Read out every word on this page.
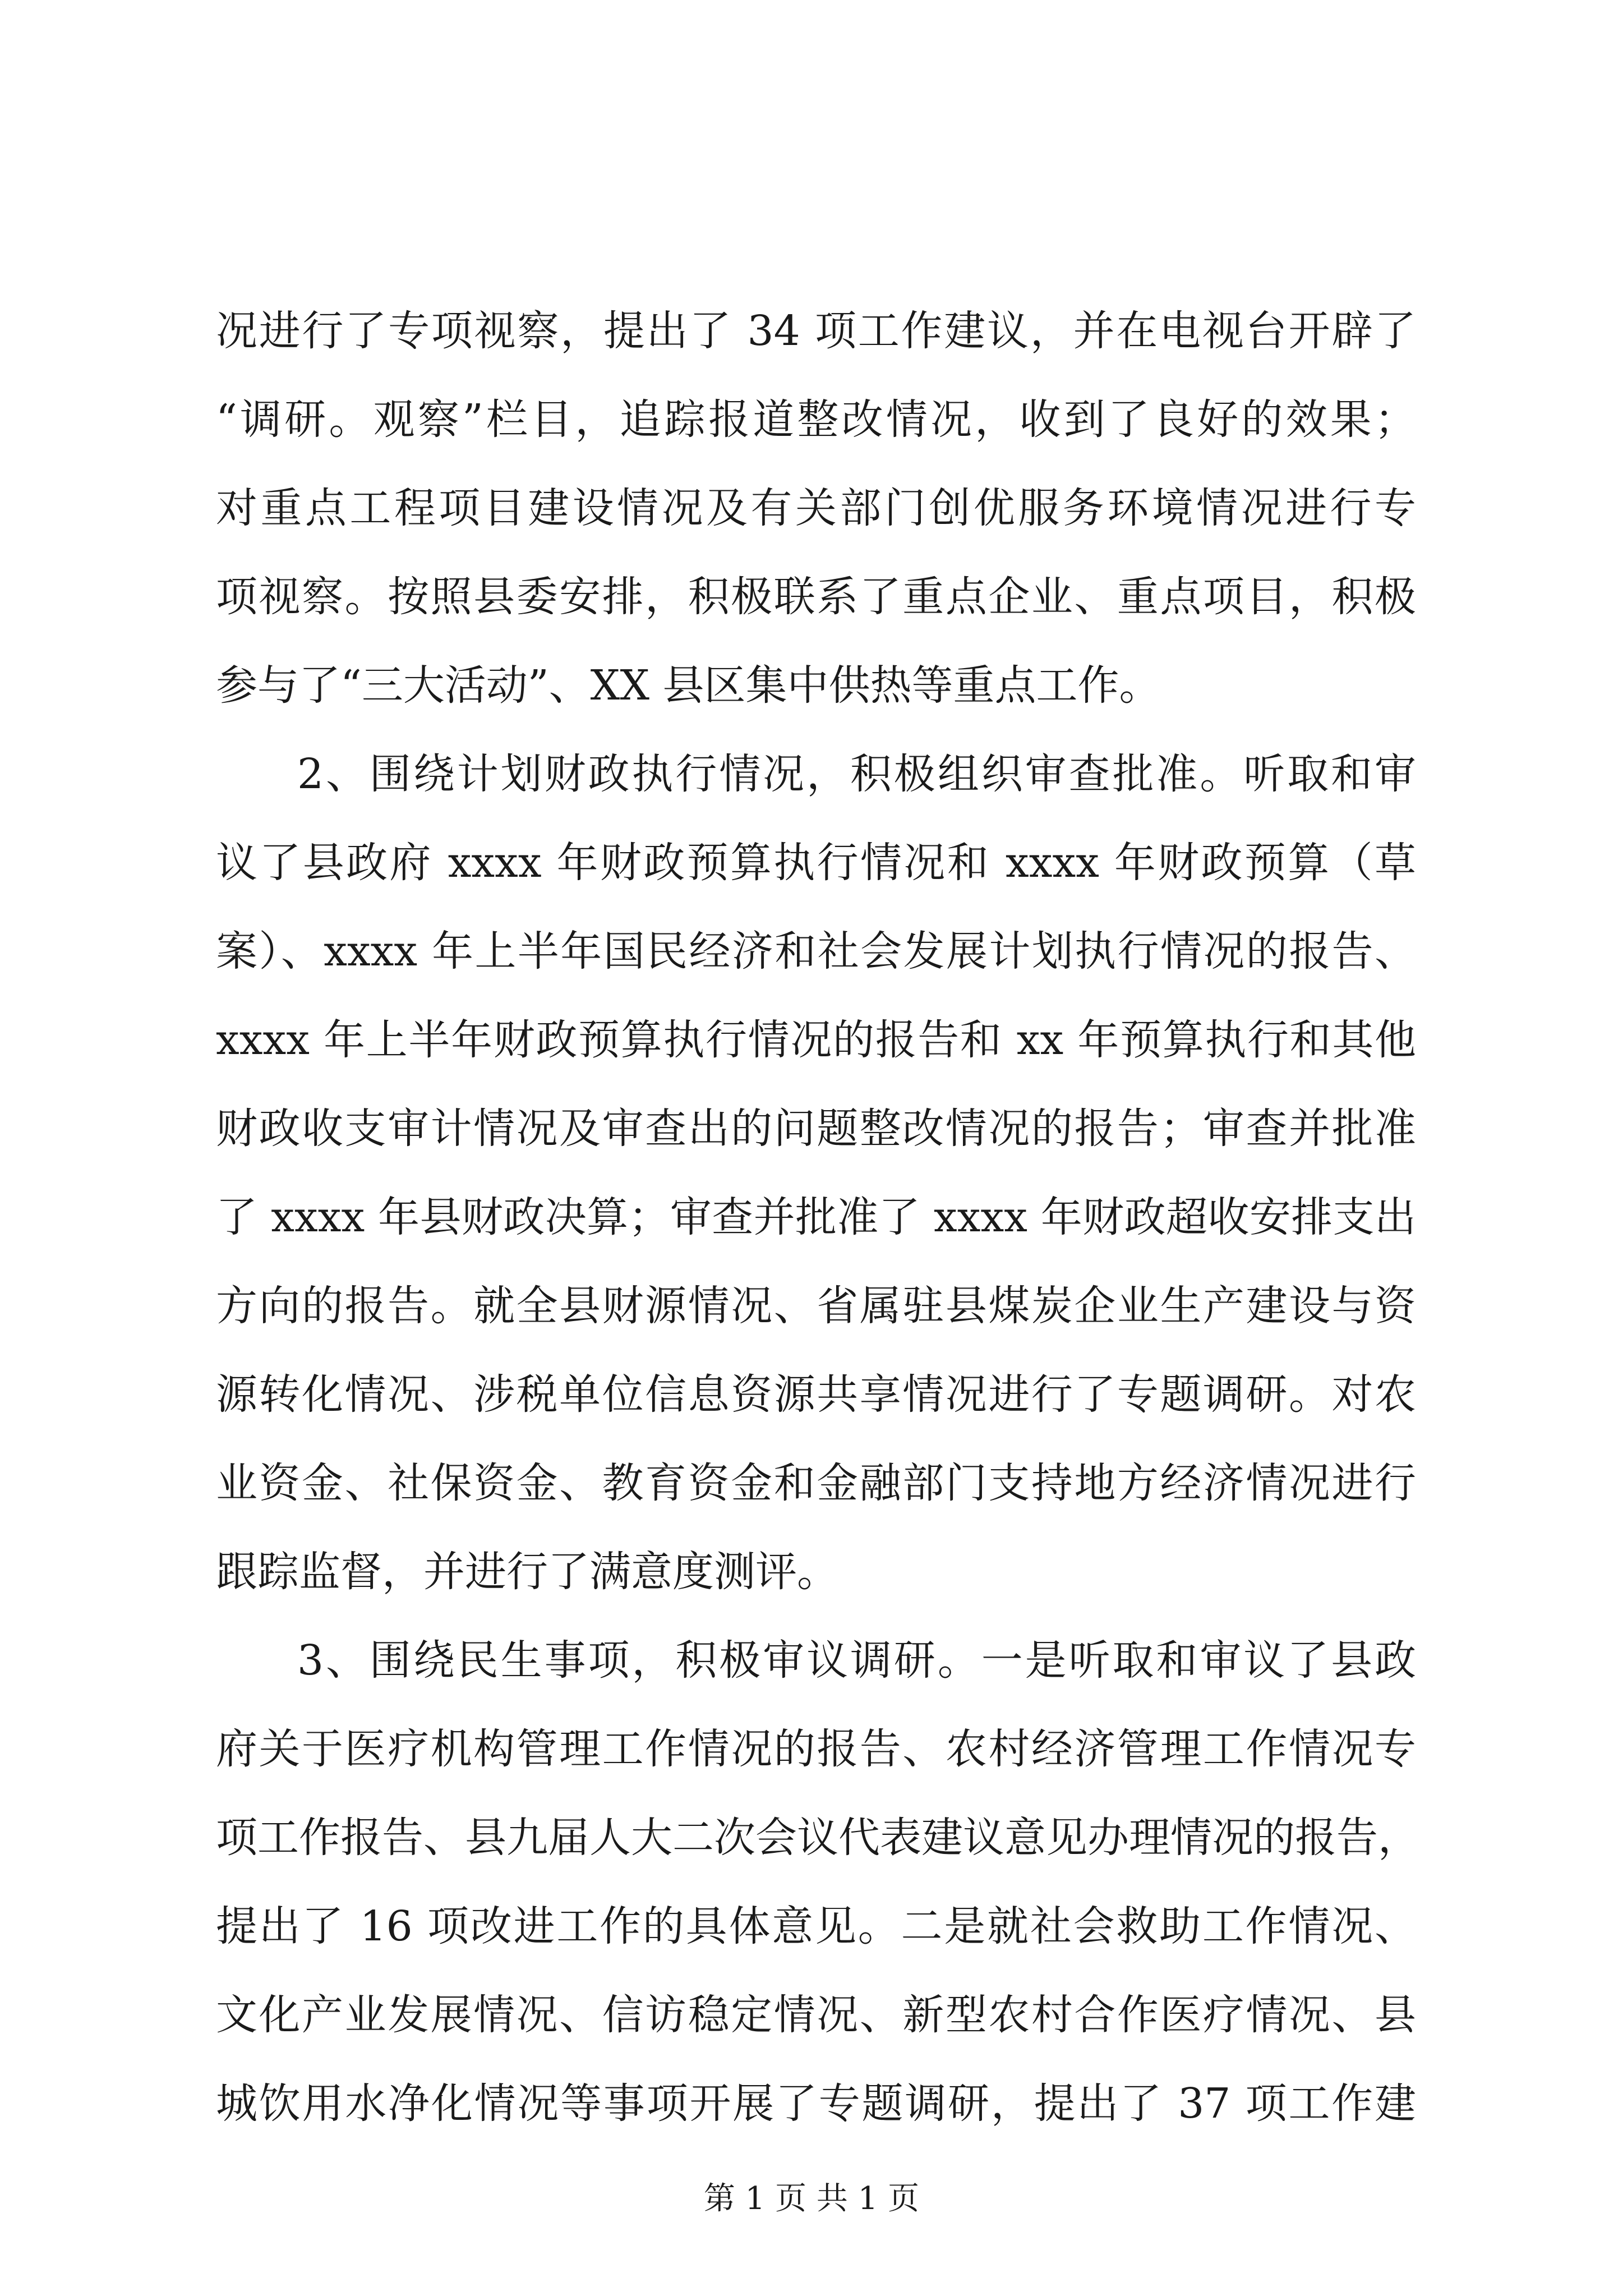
况进行了专项视察，提出了 34 项工作建议，并在电视台开辟了
“调研。观察”栏目，追踪报道整改情况，收到了良好的效果；
对重点工程项目建设情况及有关部门创优服务环境情况进行专
项视察。按照县委安排，积极联系了重点企业、重点项目，积极
参与了“三大活动”、XX 县区集中供热等重点工作。
2、围绕计划财政执行情况，积极组织审查批准。听取和审
议了县政府 xxxx 年财政预算执行情况和 xxxx 年财政预算（草
案）、xxxx 年上半年国民经济和社会发展计划执行情况的报告、
xxxx 年上半年财政预算执行情况的报告和 xx 年预算执行和其他
财政收支审计情况及审查出的问题整改情况的报告；审查并批准
了 xxxx 年县财政决算；审查并批准了 xxxx 年财政超收安排支出
方向的报告。就全县财源情况、省属驻县煤炭企业生产建设与资
源转化情况、涉税单位信息资源共享情况进行了专题调研。对农
业资金、社保资金、教育资金和金融部门支持地方经济情况进行
跟踪监督，并进行了满意度测评。
3、围绕民生事项，积极审议调研。一是听取和审议了县政
府关于医疗机构管理工作情况的报告、农村经济管理工作情况专
项工作报告、县九届人大二次会议代表建议意见办理情况的报告，
提出了 16 项改进工作的具体意见。二是就社会救助工作情况、
文化产业发展情况、信访稳定情况、新型农村合作医疗情况、县
城饮用水净化情况等事项开展了专题调研，提出了 37 项工作建
第 1 页 共 1 页
